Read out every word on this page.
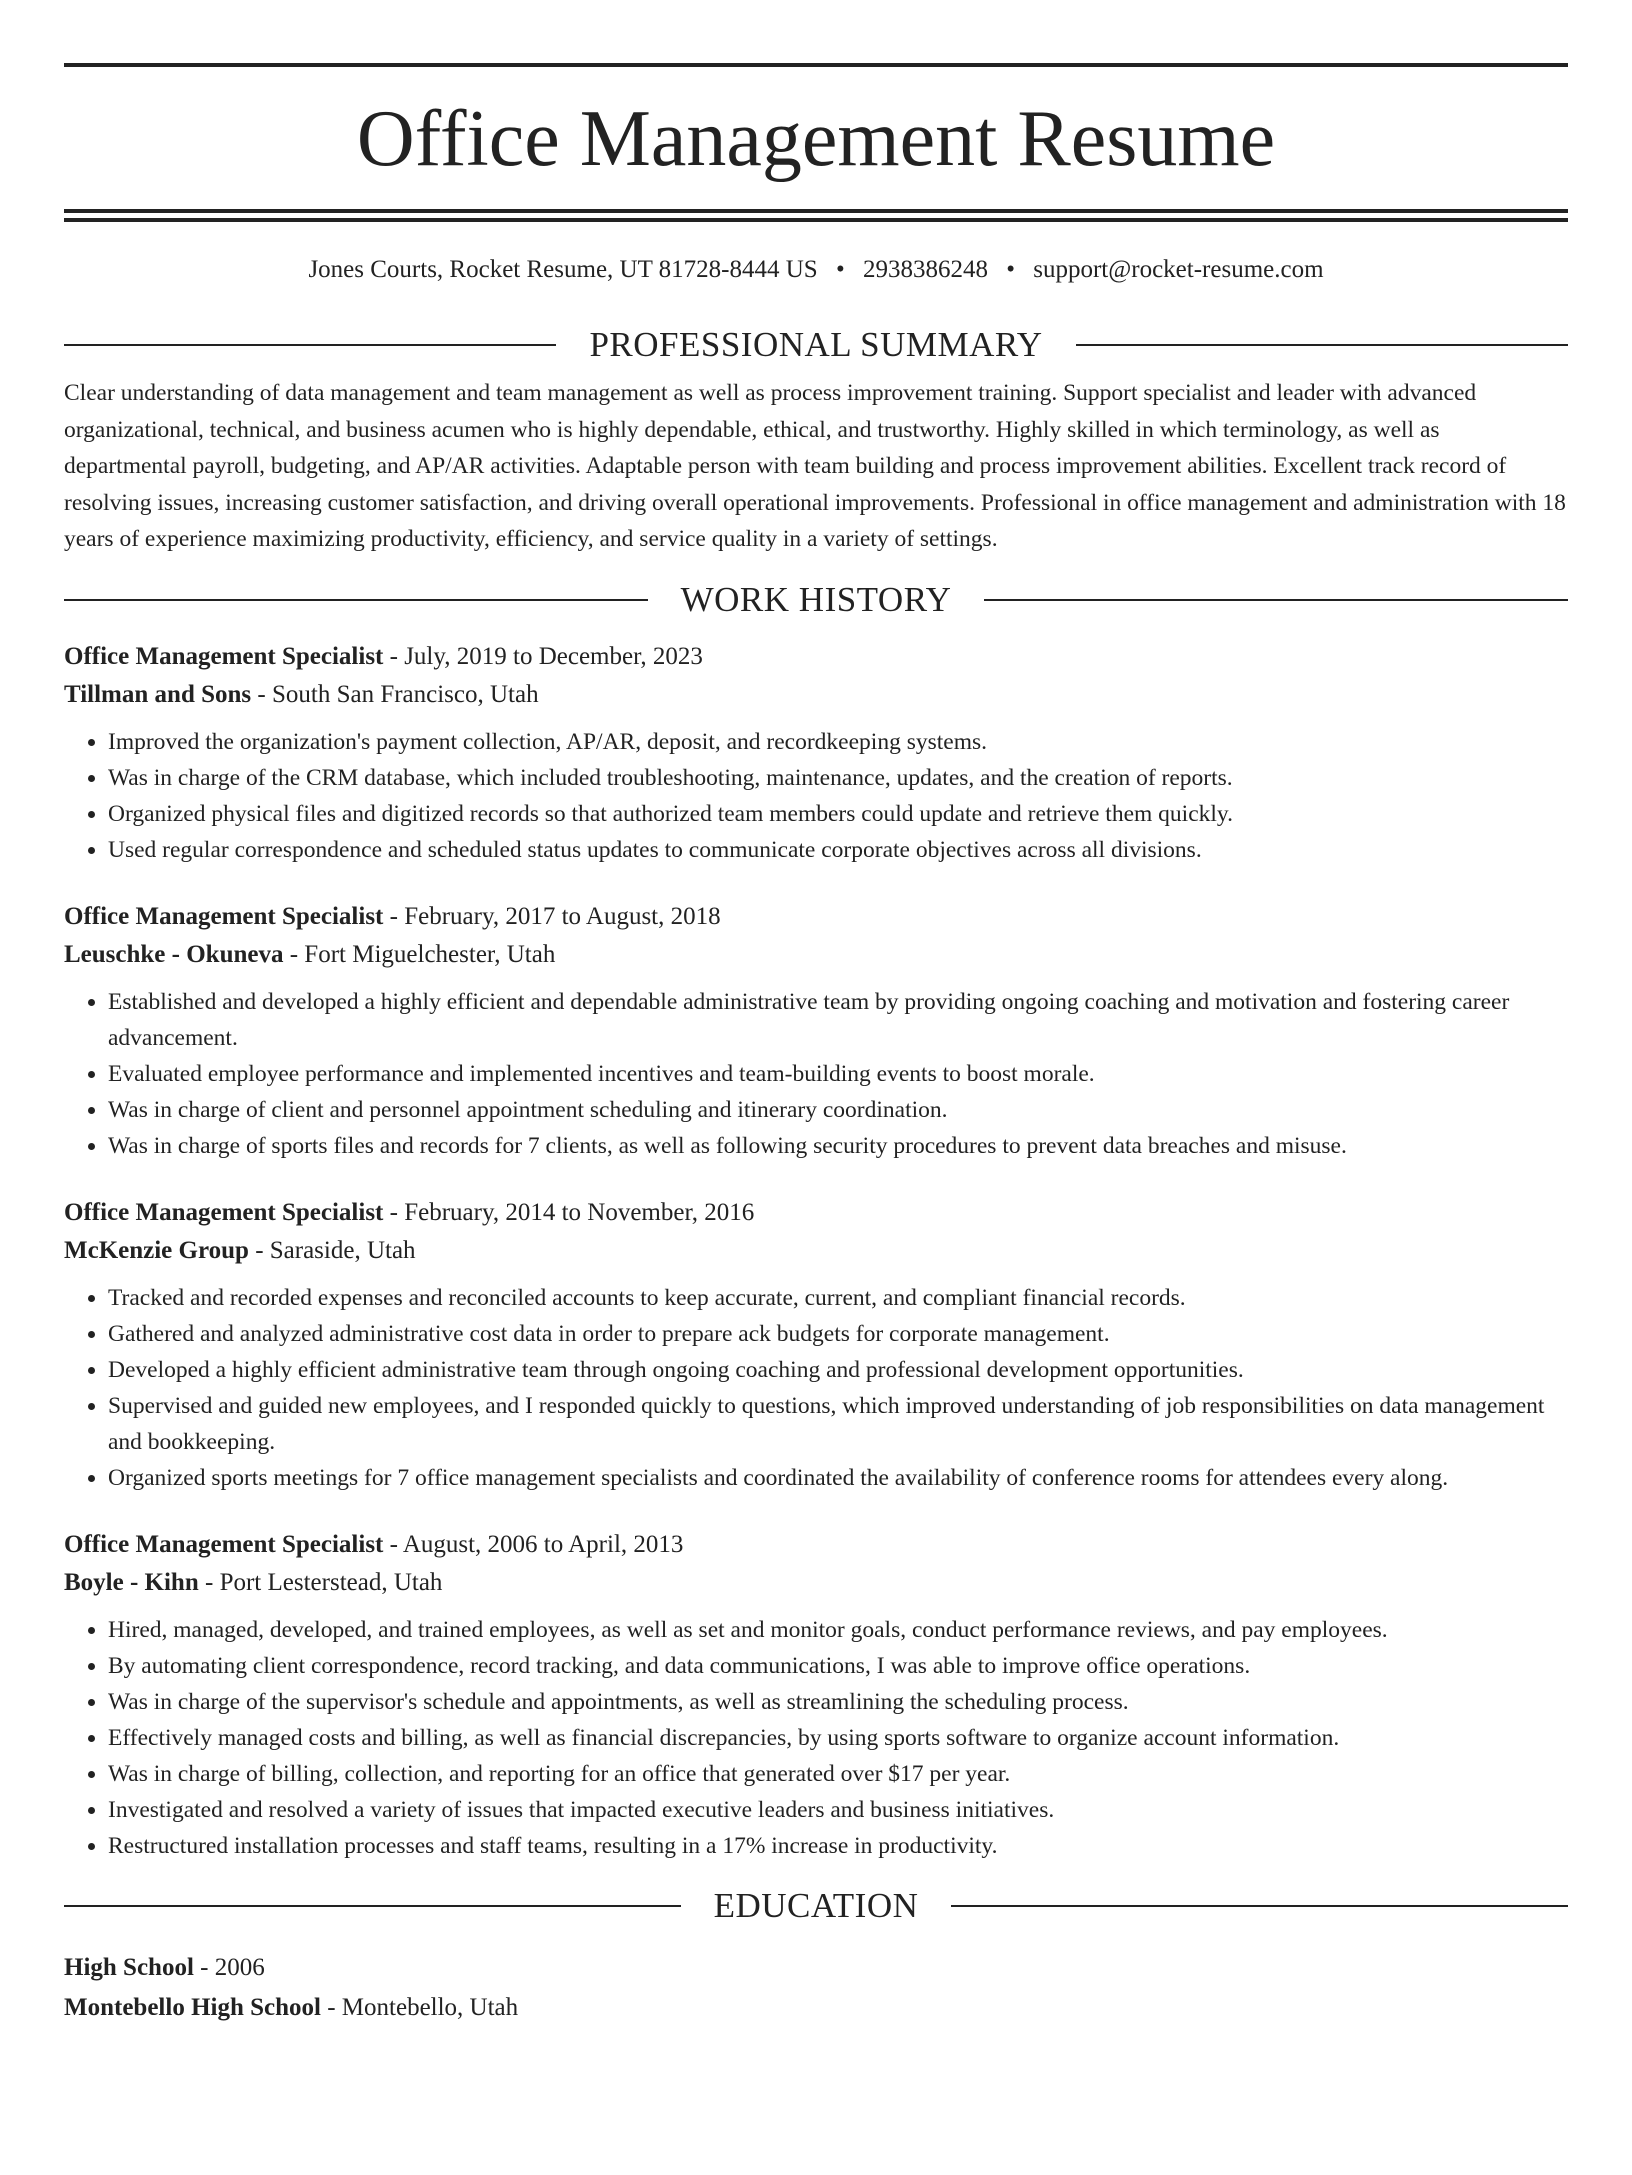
Office Management Resume
Jones Courts, Rocket Resume, UT 81728-8444 US • 2938386248 • support@rocket-resume.com
PROFESSIONAL SUMMARY
Clear understanding of data management and team management as well as process improvement training. Support specialist and leader with advanced organizational, technical, and business acumen who is highly dependable, ethical, and trustworthy. Highly skilled in which terminology, as well as departmental payroll, budgeting, and AP/AR activities. Adaptable person with team building and process improvement abilities. Excellent track record of resolving issues, increasing customer satisfaction, and driving overall operational improvements. Professional in office management and administration with 18 years of experience maximizing productivity, efficiency, and service quality in a variety of settings.
WORK HISTORY
Office Management Specialist - July, 2019 to December, 2023
Tillman and Sons - South San Francisco, Utah
• Improved the organization's payment collection, AP/AR, deposit, and recordkeeping systems.
• Was in charge of the CRM database, which included troubleshooting, maintenance, updates, and the creation of reports.
• Organized physical files and digitized records so that authorized team members could update and retrieve them quickly.
• Used regular correspondence and scheduled status updates to communicate corporate objectives across all divisions.
Office Management Specialist - February, 2017 to August, 2018
Leuschke - Okuneva - Fort Miguelchester, Utah
• Established and developed a highly efficient and dependable administrative team by providing ongoing coaching and motivation and fostering career advancement.
• Evaluated employee performance and implemented incentives and team-building events to boost morale.
• Was in charge of client and personnel appointment scheduling and itinerary coordination.
• Was in charge of sports files and records for 7 clients, as well as following security procedures to prevent data breaches and misuse.
Office Management Specialist - February, 2014 to November, 2016
McKenzie Group - Saraside, Utah
• Tracked and recorded expenses and reconciled accounts to keep accurate, current, and compliant financial records.
• Gathered and analyzed administrative cost data in order to prepare ack budgets for corporate management.
• Developed a highly efficient administrative team through ongoing coaching and professional development opportunities.
• Supervised and guided new employees, and I responded quickly to questions, which improved understanding of job responsibilities on data management and bookkeeping.
• Organized sports meetings for 7 office management specialists and coordinated the availability of conference rooms for attendees every along.
Office Management Specialist - August, 2006 to April, 2013
Boyle - Kihn - Port Lesterstead, Utah
• Hired, managed, developed, and trained employees, as well as set and monitor goals, conduct performance reviews, and pay employees.
• By automating client correspondence, record tracking, and data communications, I was able to improve office operations.
• Was in charge of the supervisor's schedule and appointments, as well as streamlining the scheduling process.
• Effectively managed costs and billing, as well as financial discrepancies, by using sports software to organize account information.
• Was in charge of billing, collection, and reporting for an office that generated over $17 per year.
• Investigated and resolved a variety of issues that impacted executive leaders and business initiatives.
• Restructured installation processes and staff teams, resulting in a 17% increase in productivity.
EDUCATION
High School - 2006
Montebello High School - Montebello, Utah
